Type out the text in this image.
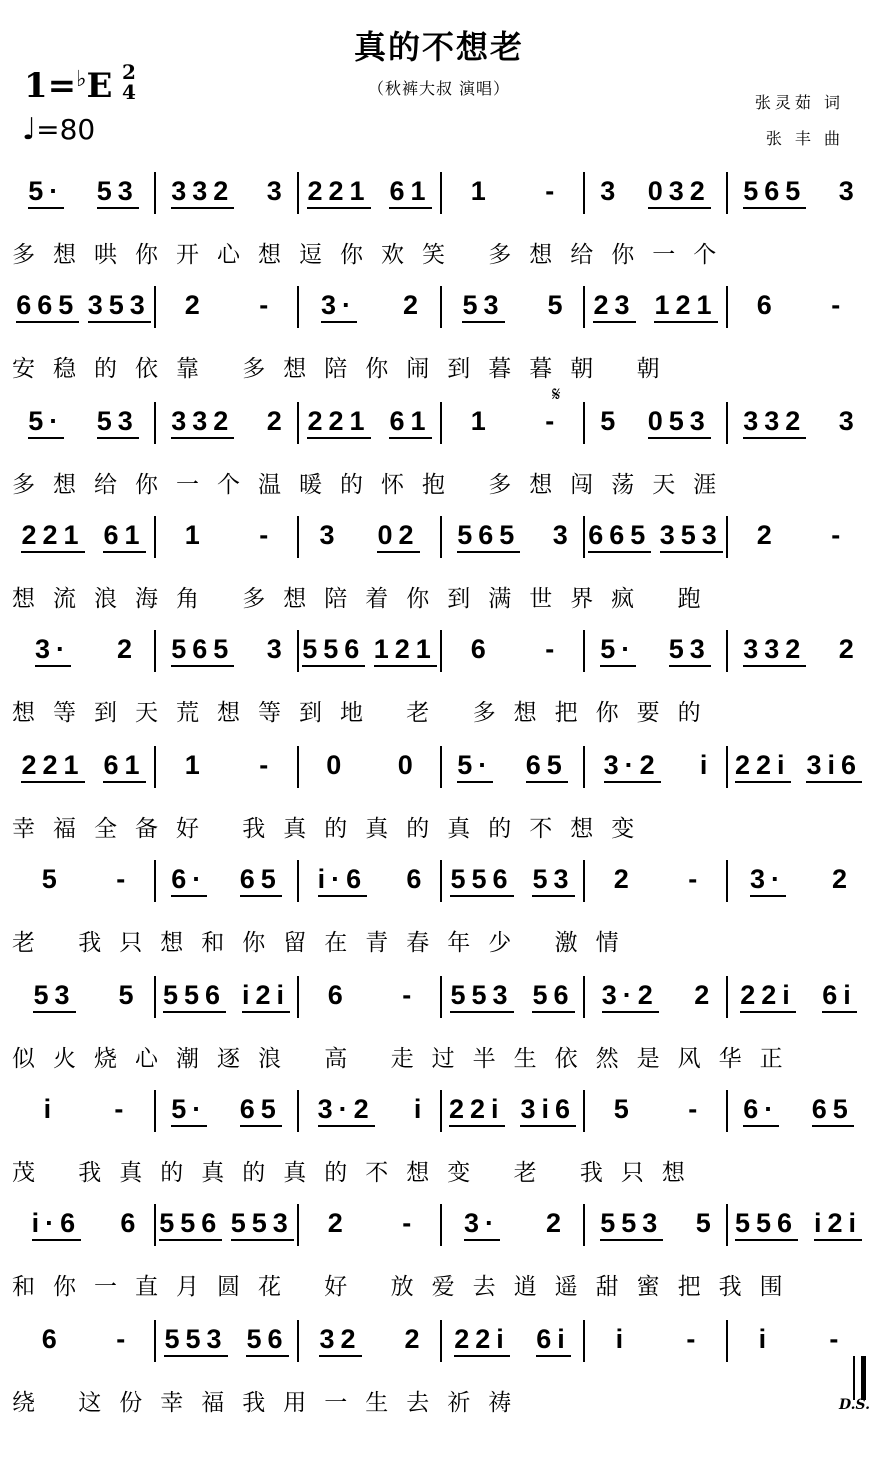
真的不想老
（秋裤大叔 演唱）
1=♭E 2
4
♩=80
张灵茹 词
张 丰 曲
𝄋
5· 53 332 3 221 61 1 - 3 032 565 3
多想哄你开心想逗你欢笑 多想给你一个
665 353 2 - 3· 2 53 5 23 121 6 -
安稳的依靠 多想陪你闹到暮暮朝 朝
5· 53 332 2 221 61 1 - 5 053 332 3
多想给你一个温暖的怀抱 多想闯荡天涯
221 61 1 - 3 02 565 3 665 353 2 -
想流浪海角 多想陪着你到满世界疯 跑
3· 2 565 3 556 121 6 - 5· 53 332 2
想等到天荒想等到地 老 多想把你要的
221 61 1 - 0 0 5· 65 3·2 i 22i 3i6
幸福全备好 我真的真的真的不想变
5 - 6· 65 i·6 6 556 53 2 - 3· 2
老 我只想和你留在青春年少 激情
53 5 556 i2i 6 - 553 56 3·2 2 22i 6i
似火烧心潮逐浪 高 走过半生依然是风华正
i - 5· 65 3·2 i 22i 3i6 5 - 6· 65
茂 我真的真的真的不想变 老 我只想
i·6 6 556 553 2 - 3· 2 553 5 556 i2i
和你一直月圆花 好 放爱去逍遥甜蜜把我围
6 - 553 56 32 2 22i 6i i - i -
绕 这份幸福我用一生去祈祷	D.S.
